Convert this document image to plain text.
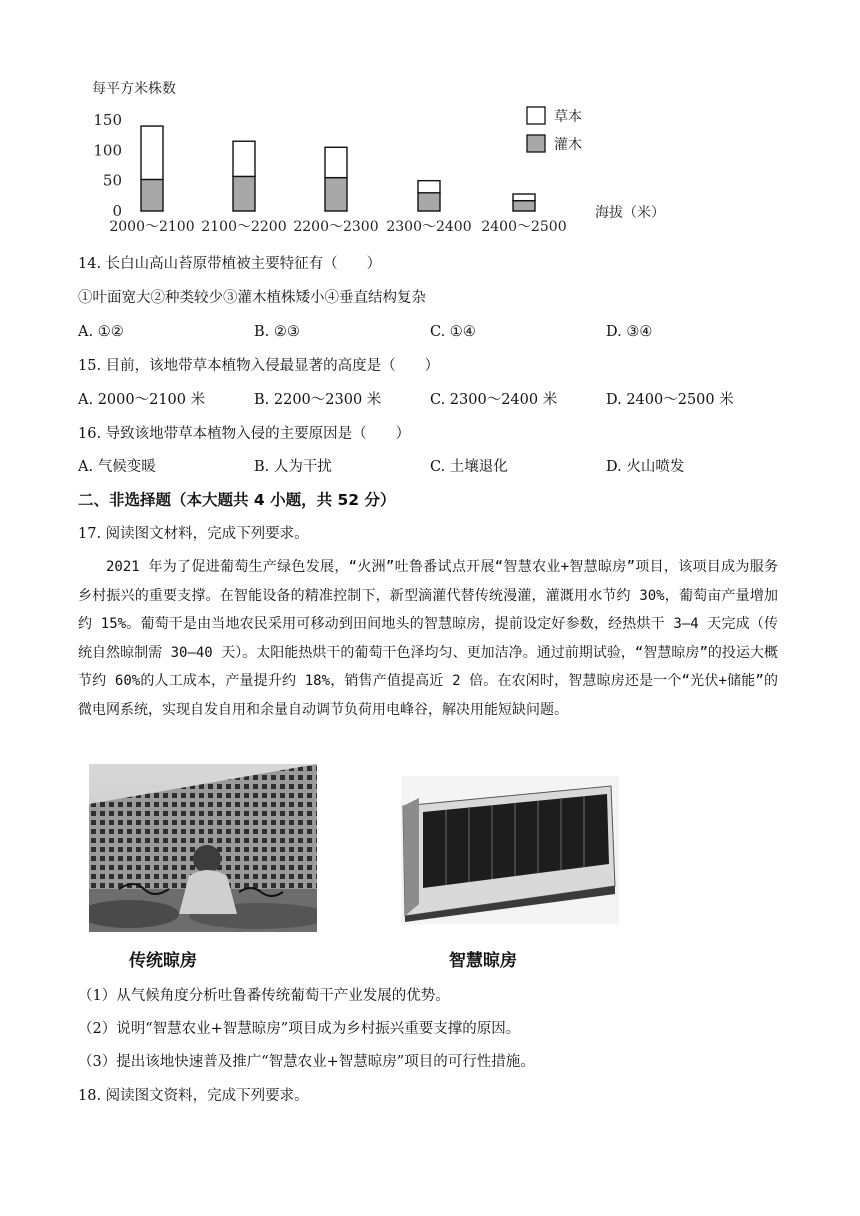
每平方米株数
0
50
100
150
2000～2100 2100～2200 2200～2300 2300～2400 2400～2500
海拔（米）
草本
灌木
14. 长白山高山苔原带植被主要特征有（　　）
①叶面宽大②种类较少③灌木植株矮小④垂直结构复杂
A. ①②	B. ②③	C. ①④	D. ③④
15. 目前，该地带草本植物入侵最显著的高度是（　　）
A. 2000～2100 米	B. 2200～2300 米	C. 2300～2400 米	D. 2400～2500 米
16. 导致该地带草本植物入侵的主要原因是（　　）
A. 气候变暖	B. 人为干扰	C. 土壤退化	D. 火山喷发
二、非选择题（本大题共 4 小题，共 52 分）
17. 阅读图文材料，完成下列要求。

2021 年为了促进葡萄生产绿色发展，“火洲”吐鲁番试点开展“智慧农业+智慧晾房”项目，该项目成为服务乡村振兴的重要支撑。在智能设备的精准控制下，新型滴灌代替传统漫灌，灌溉用水节约 30%，葡萄亩产量增加约 15%。葡萄干是由当地农民采用可移动到田间地头的智慧晾房，提前设定好参数，经热烘干 3—4 天完成（传统自然晾制需 30—40 天）。太阳能热烘干的葡萄干色泽均匀、更加洁净。通过前期试验，“智慧晾房”的投运大概节约 60%的人工成本，产量提升约 18%，销售产值提高近 2 倍。在农闲时，智慧晾房还是一个“光伏+储能”的微电网系统，实现自发自用和余量自动调节负荷用电峰谷，解决用能短缺问题。

传统晾房	智慧晾房
（1）从气候角度分析吐鲁番传统葡萄干产业发展的优势。
（2）说明“智慧农业+智慧晾房”项目成为乡村振兴重要支撑的原因。
（3）提出该地快速普及推广“智慧农业+智慧晾房”项目的可行性措施。
18. 阅读图文资料，完成下列要求。
